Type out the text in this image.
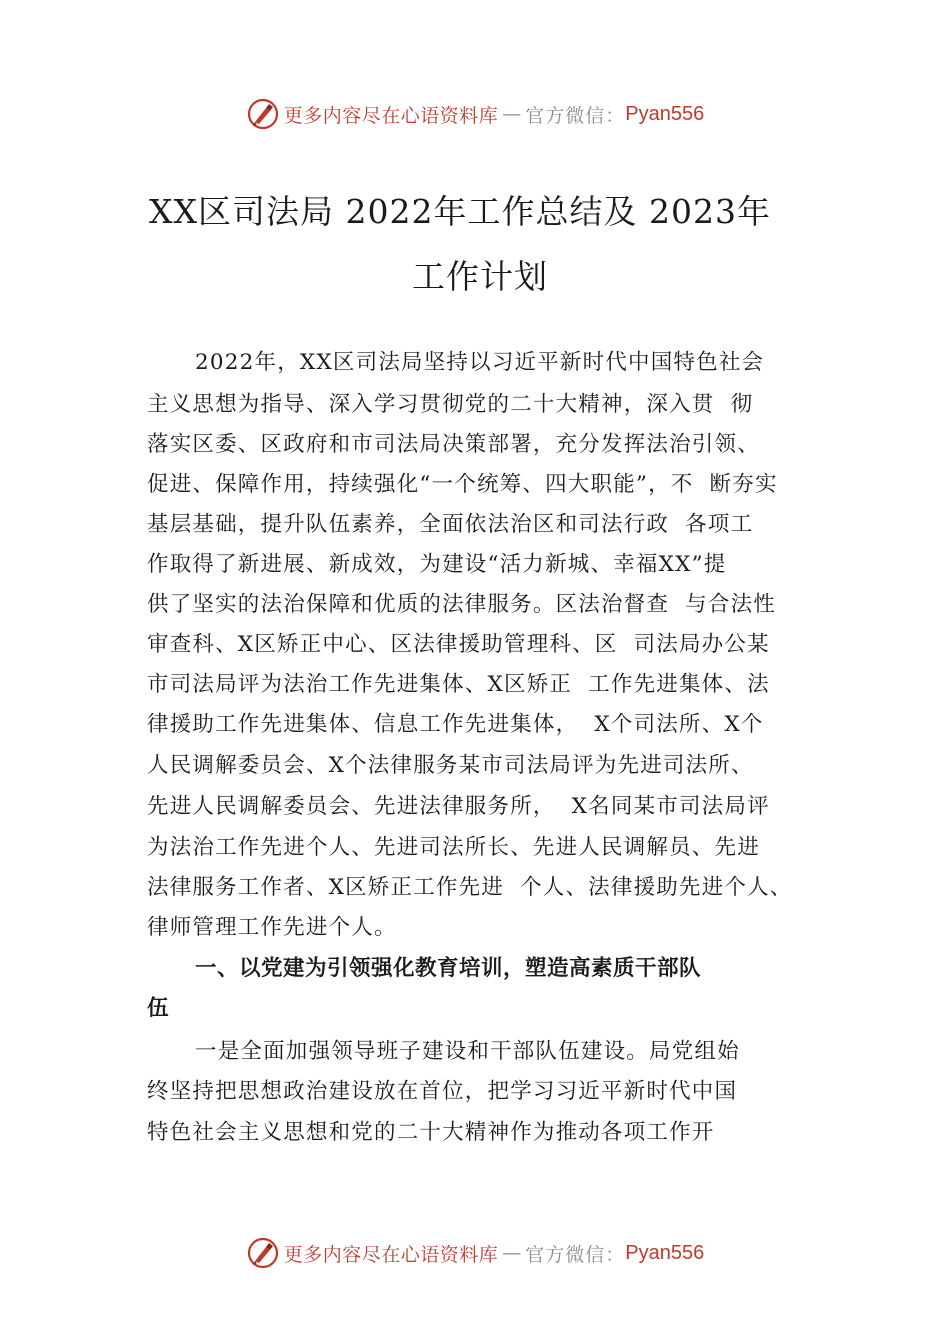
更多内容尽在心语资料库 — 官方微信： Pyan556
XX区司法局 2022年工作总结及 2023年
工作计划

2022年，XX区司法局坚持以习近平新时代中国特色社会

主义思想为指导、深入学习贯彻党的二十大精神，深入贯  彻

落实区委、区政府和市司法局决策部署，充分发挥法治引领、

促进、保障作用，持续强化“一个统筹、四大职能”，不  断夯实

基层基础，提升队伍素养，全面依法治区和司法行政  各项工

作取得了新进展、新成效，为建设“活力新城、幸福XX”提

供了坚实的法治保障和优质的法律服务。区法治督查  与合法性

审查科、X区矫正中心、区法律援助管理科、区  司法局办公某

市司法局评为法治工作先进集体、X区矫正  工作先进集体、法

律援助工作先进集体、信息工作先进集体，  X个司法所、X个

人民调解委员会、X个法律服务某市司法局评为先进司法所、

先进人民调解委员会、先进法律服务所，  X名同某市司法局评

为法治工作先进个人、先进司法所长、先进人民调解员、先进

法律服务工作者、X区矫正工作先进  个人、法律援助先进个人、

律师管理工作先进个人。

一、以党建为引领强化教育培训，塑造高素质干部队

伍

一是全面加强领导班子建设和干部队伍建设。局党组始

终坚持把思想政治建设放在首位，把学习习近平新时代中国

特色社会主义思想和党的二十大精神作为推动各项工作开

更多内容尽在心语资料库 — 官方微信： Pyan556
